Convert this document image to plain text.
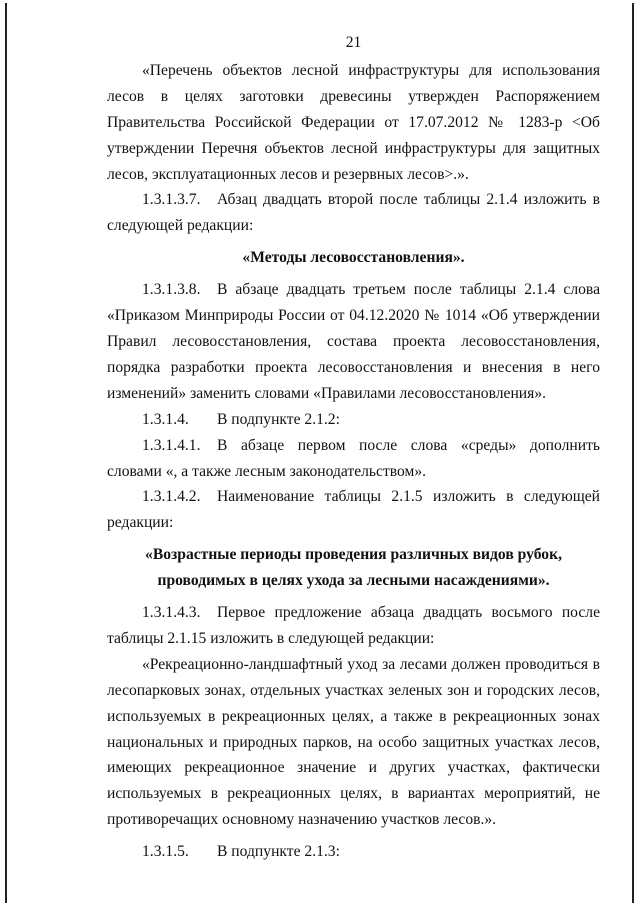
21

«Перечень объектов лесной инфраструктуры для использования лесов в целях заготовки древесины утвержден Распоряжением Правительства Российской Федерации от 17.07.2012 № 1283-р <Об утверждении Перечня объектов лесной инфраструктуры для защитных лесов, эксплуатационных лесов и резервных лесов>.».

1.3.1.3.7. Абзац двадцать второй после таблицы 2.1.4 изложить в следующей редакции:

«Методы лесовосстановления».

1.3.1.3.8. В абзаце двадцать третьем после таблицы 2.1.4 слова «Приказом Минприроды России от 04.12.2020 № 1014 «Об утверждении Правил лесовосстановления, состава проекта лесовосстановления, порядка разработки проекта лесовосстановления и внесения в него изменений» заменить словами «Правилами лесовосстановления».

1.3.1.4. В подпункте 2.1.2:

1.3.1.4.1. В абзаце первом после слова «среды» дополнить словами «, а также лесным законодательством».

1.3.1.4.2. Наименование таблицы 2.1.5 изложить в следующей редакции:

«Возрастные периоды проведения различных видов рубок, проводимых в целях ухода за лесными насаждениями».

1.3.1.4.3. Первое предложение абзаца двадцать восьмого после таблицы 2.1.15 изложить в следующей редакции:

«Рекреационно-ландшафтный уход за лесами должен проводиться в лесопарковых зонах, отдельных участках зеленых зон и городских лесов, используемых в рекреационных целях, а также в рекреационных зонах национальных и природных парков, на особо защитных участках лесов, имеющих рекреационное значение и других участках, фактически используемых в рекреационных целях, в вариантах мероприятий, не противоречащих основному назначению участков лесов.».

1.3.1.5. В подпункте 2.1.3:
